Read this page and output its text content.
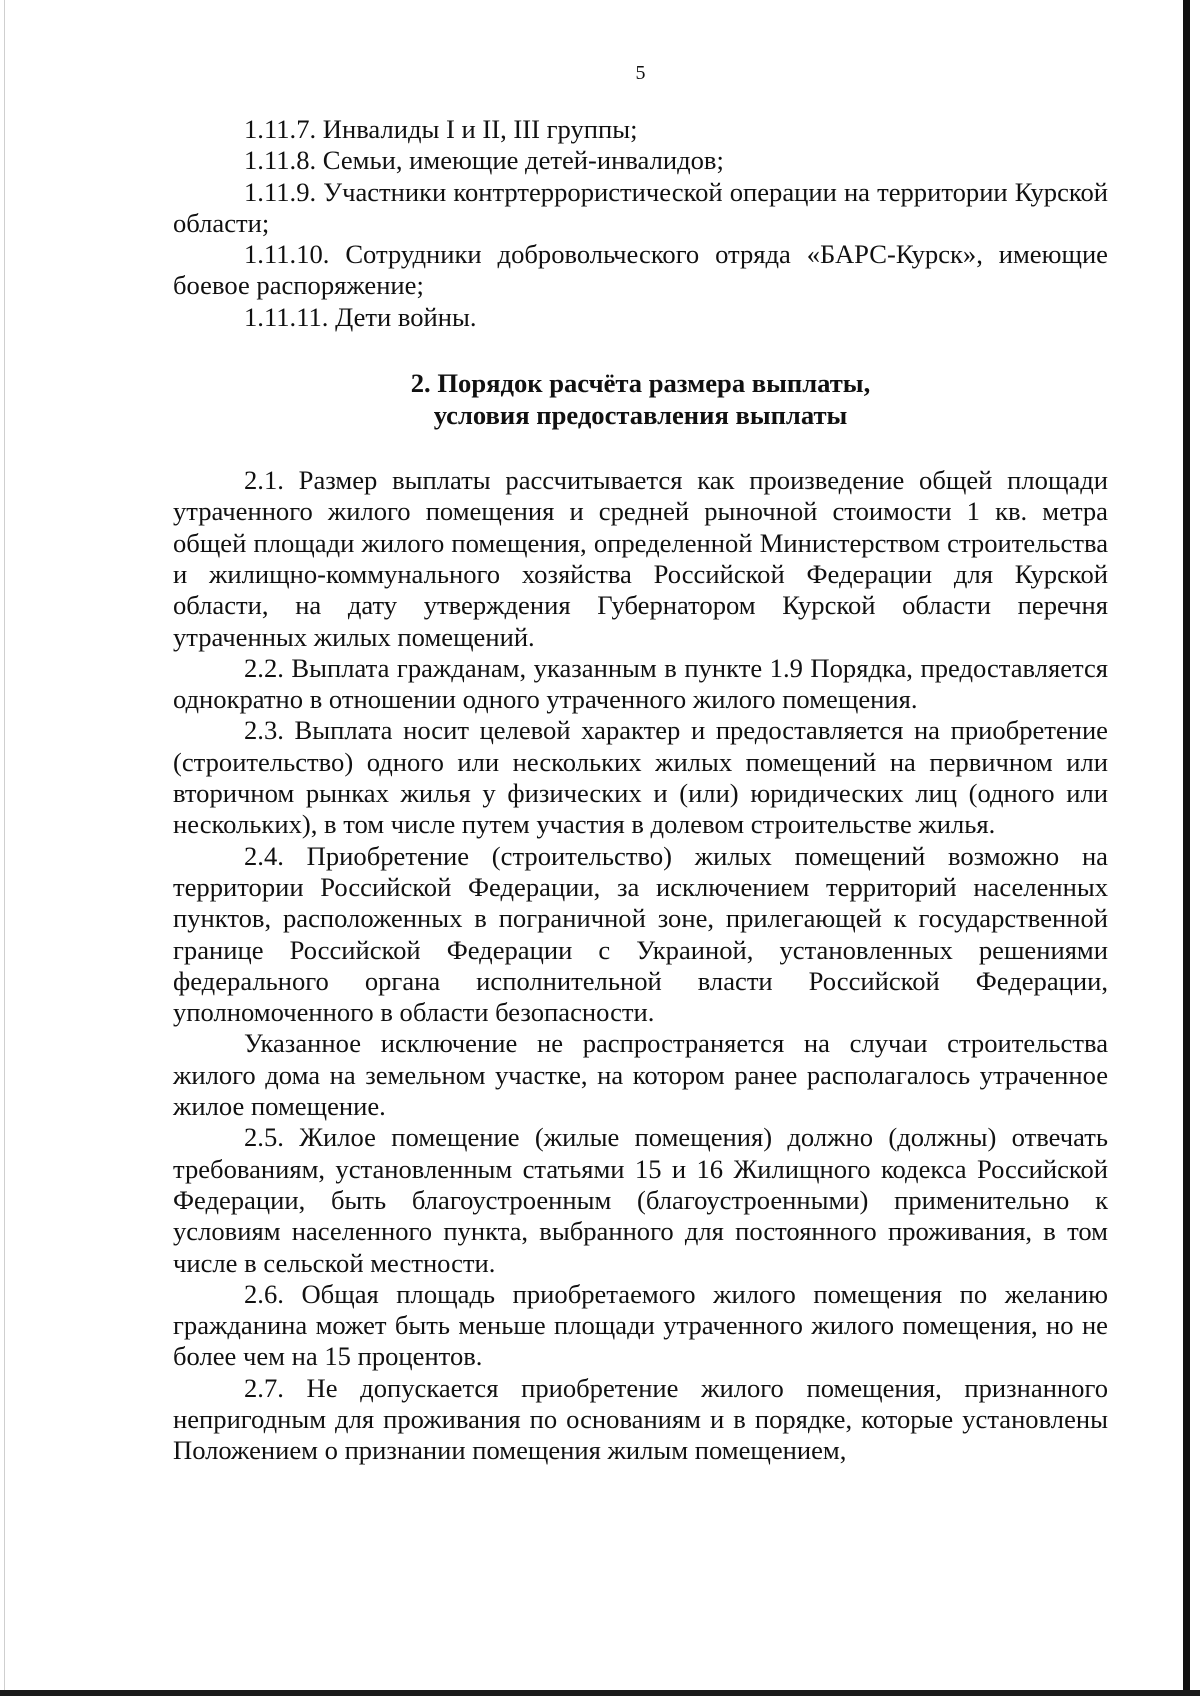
5

1.11.7. Инвалиды I и II, III группы;

1.11.8. Семьи, имеющие детей-инвалидов;

1.11.9. Участники контртеррористической операции на территории Курской области;

1.11.10. Сотрудники добровольческого отряда «БАРС-Курск», имеющие боевое распоряжение;

1.11.11. Дети войны.

2. Порядок расчёта размера выплаты,
условия предоставления выплаты

2.1. Размер выплаты рассчитывается как произведение общей площади утраченного жилого помещения и средней рыночной стоимости 1 кв. метра общей площади жилого помещения, определенной Министерством строительства и жилищно-коммунального хозяйства Российской Федерации для Курской области, на дату утверждения Губернатором Курской области перечня утраченных жилых помещений.

2.2. Выплата гражданам, указанным в пункте 1.9 Порядка, предоставляется однократно в отношении одного утраченного жилого помещения.

2.3. Выплата носит целевой характер и предоставляется на приобретение (строительство) одного или нескольких жилых помещений на первичном или вторичном рынках жилья у физических и (или) юридических лиц (одного или нескольких), в том числе путем участия в долевом строительстве жилья.

2.4. Приобретение (строительство) жилых помещений возможно на территории Российской Федерации, за исключением территорий населенных пунктов, расположенных в пограничной зоне, прилегающей к государственной границе Российской Федерации с Украиной, установленных решениями федерального органа исполнительной власти Российской Федерации, уполномоченного в области безопасности.

Указанное исключение не распространяется на случаи строительства жилого дома на земельном участке, на котором ранее располагалось утраченное жилое помещение.

2.5. Жилое помещение (жилые помещения) должно (должны) отвечать требованиям, установленным статьями 15 и 16 Жилищного кодекса Российской Федерации, быть благоустроенным (благоустроенными) применительно к условиям населенного пункта, выбранного для постоянного проживания, в том числе в сельской местности.

2.6. Общая площадь приобретаемого жилого помещения по желанию гражданина может быть меньше площади утраченного жилого помещения, но не более чем на 15 процентов.

2.7. Не допускается приобретение жилого помещения, признанного непригодным для проживания по основаниям и в порядке, которые установлены Положением о признании помещения жилым помещением,
